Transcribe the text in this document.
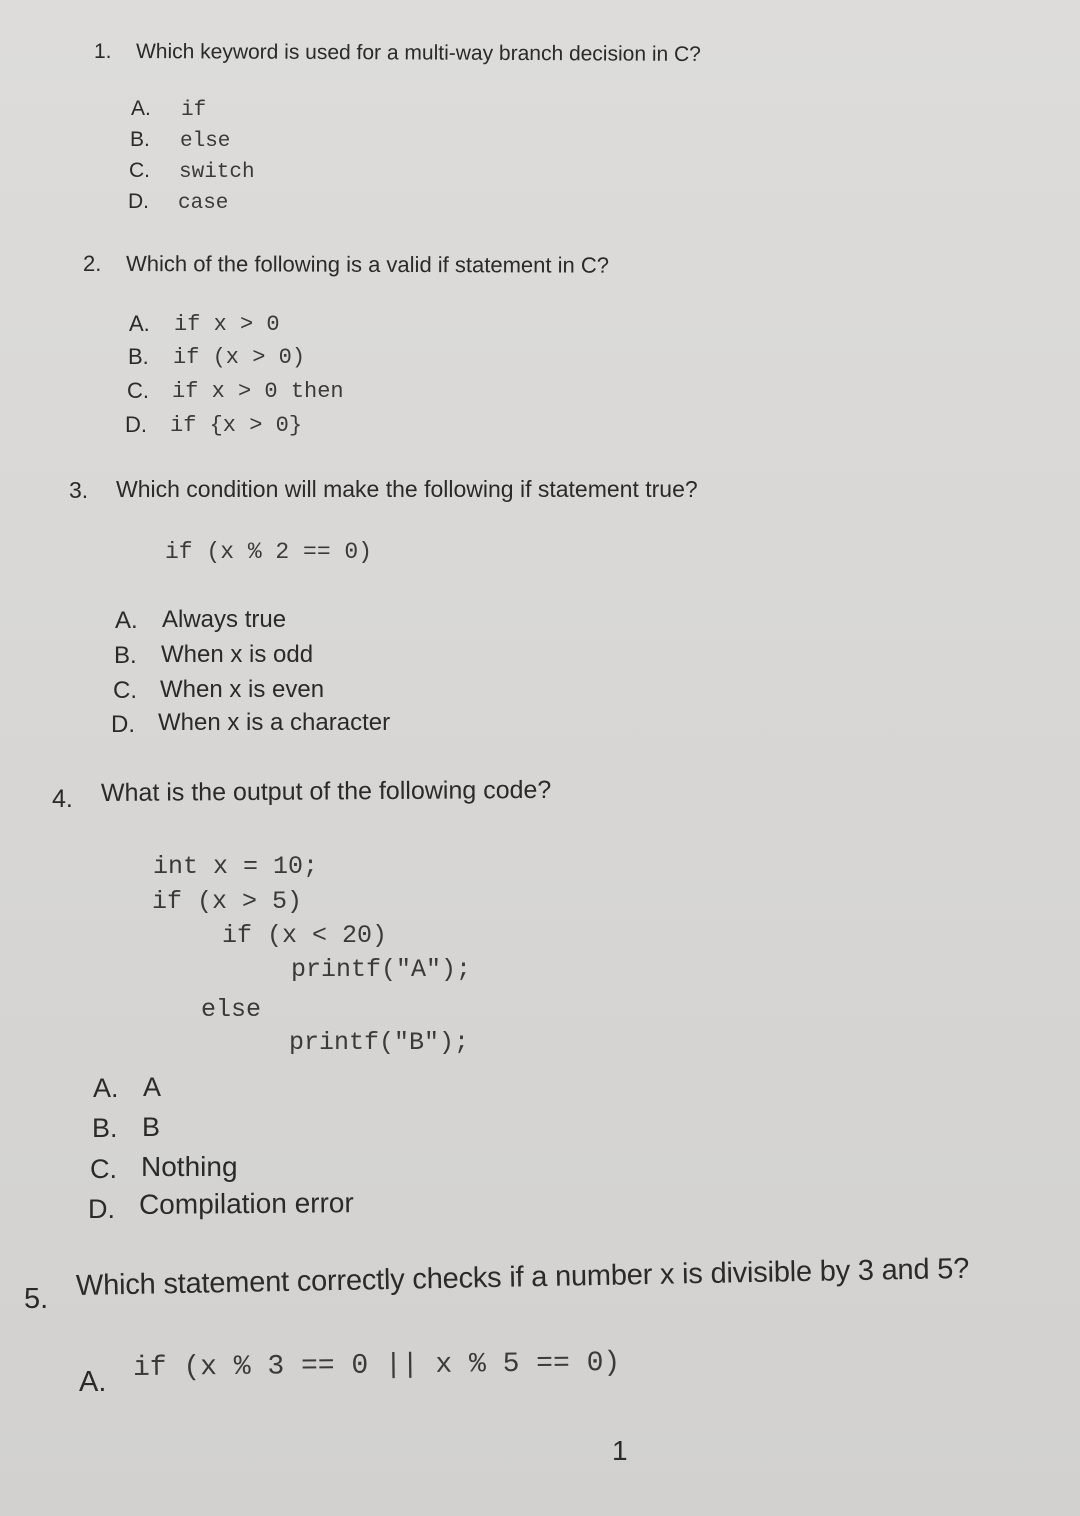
1. Which keyword is used for a multi-way branch decision in C?
A. if
B. else
C. switch
D. case
2. Which of the following is a valid if statement in C?
A. if x > 0
B. if (x > 0)
C. if x > 0 then
D. if {x > 0}
3. Which condition will make the following if statement true?
if (x % 2 == 0)
A. Always true
B. When x is odd
C. When x is even
D. When x is a character
4. What is the output of the following code?
int x = 10;
if (x > 5)
if (x < 20)
printf("A");
else
printf("B");
A. A
B. B
C. Nothing
D. Compilation error
5. Which statement correctly checks if a number x is divisible by 3 and 5?
A. if (x % 3 == 0 || x % 5 == 0)
1
